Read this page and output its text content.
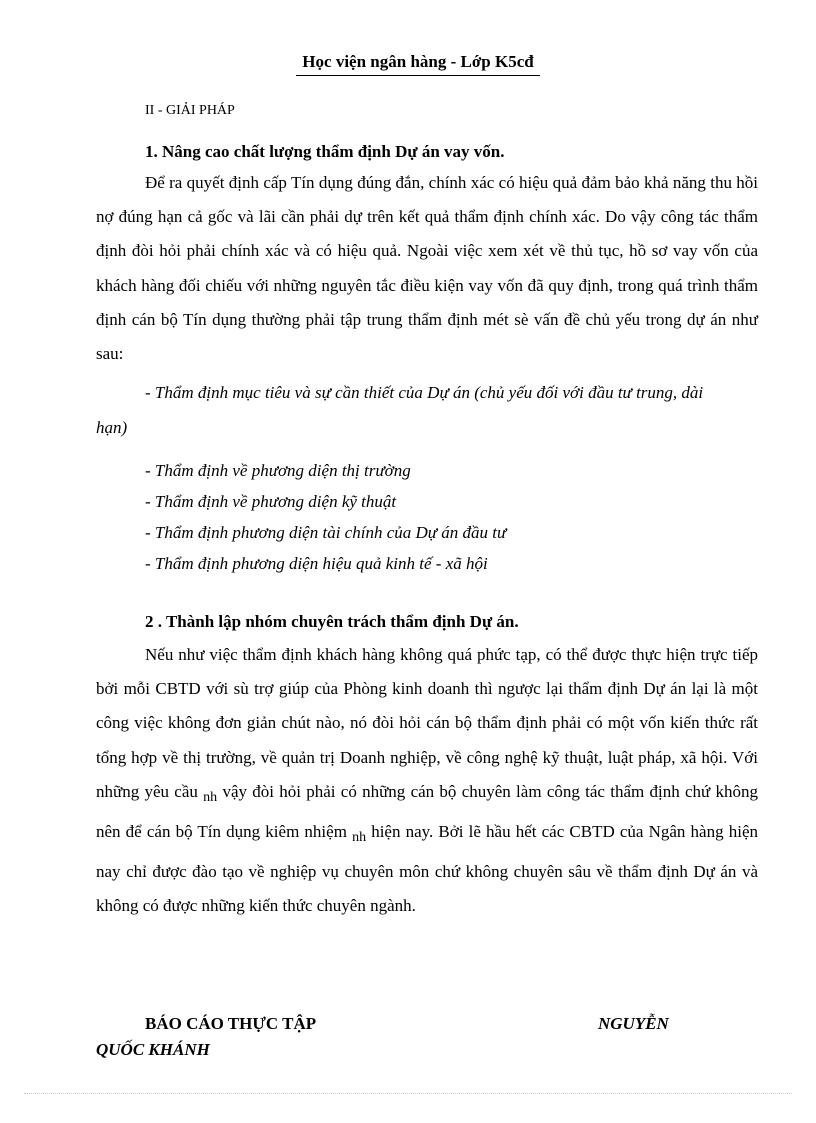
Học viện ngân hàng - Lớp K5cđ
II - GIẢI PHÁP
1. Nâng cao chất lượng thẩm định Dự án vay vốn.
Để ra quyết định cấp Tín dụng đúng đắn, chính xác có hiệu quả đảm bảo khả năng thu hồi nợ đúng hạn cả gốc và lãi cần phải dự trên kết quả thẩm định chính xác. Do vậy công tác thẩm định đòi hỏi phải chính xác và có hiệu quả. Ngoài việc xem xét về thủ tục, hồ sơ vay vốn của khách hàng đối chiếu với những nguyên tắc điều kiện vay vốn đã quy định, trong quá trình thẩm định cán bộ Tín dụng thường phải tập trung thẩm định mét sè vấn đề chủ yếu trong dự án như sau:
- Thẩm định mục tiêu và sự cần thiết của Dự án (chủ yếu đối với đầu tư trung, dài
hạn)
- Thẩm định về phương diện thị trường
- Thẩm định về phương diện kỹ thuật
- Thẩm định phương diện tài chính của Dự án đầu tư
- Thẩm định phương diện hiệu quả kinh tế - xã hội
2 . Thành lập nhóm chuyên trách thẩm định Dự án.
Nếu như việc thẩm định khách hàng không quá phức tạp, có thể được thực hiện trực tiếp bởi mỗi CBTD với sù trợ giúp của Phòng kinh doanh thì ngược lại thẩm định Dự án lại là một công việc không đơn giản chút nào, nó đòi hỏi cán bộ thẩm định phải có một vốn kiến thức rất tổng hợp về thị trường, về quản trị Doanh nghiệp, về công nghệ kỹ thuật, luật pháp, xã hội. Với những yêu cầu $_{nh}$ vậy đòi hỏi phải có những cán bộ chuyên làm công tác thẩm định chứ không nên để cán bộ Tín dụng kiêm nhiệm $_{nh}$ hiện nay. Bởi lẽ hầu hết các CBTD của Ngân hàng hiện nay chỉ được đào tạo về nghiệp vụ chuyên môn chứ không chuyên sâu về thẩm định Dự án và không có được những kiến thức chuyên ngành.
BÁO CÁO THỰC TẬP	NGUYỄN
QUỐC KHÁNH
